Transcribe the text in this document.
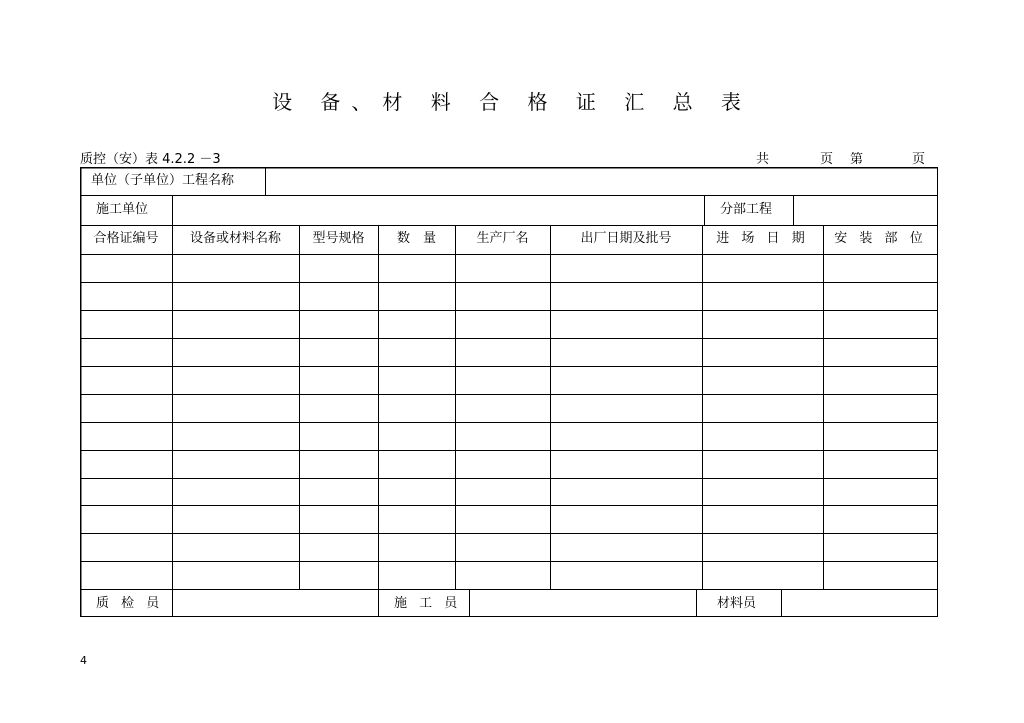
设 备、材 料 合 格 证 汇 总 表
质控（安）表 4.2.2 －3	共	页 第	页
单位（子单位）工程名称
施工单位	分部工程
合格证编号	设备或材料名称	型号规格	数　量	生产厂名	出厂日期及批号	进 场 日 期	安 装 部 位
质 检 员	施 工 员	材料员
4
